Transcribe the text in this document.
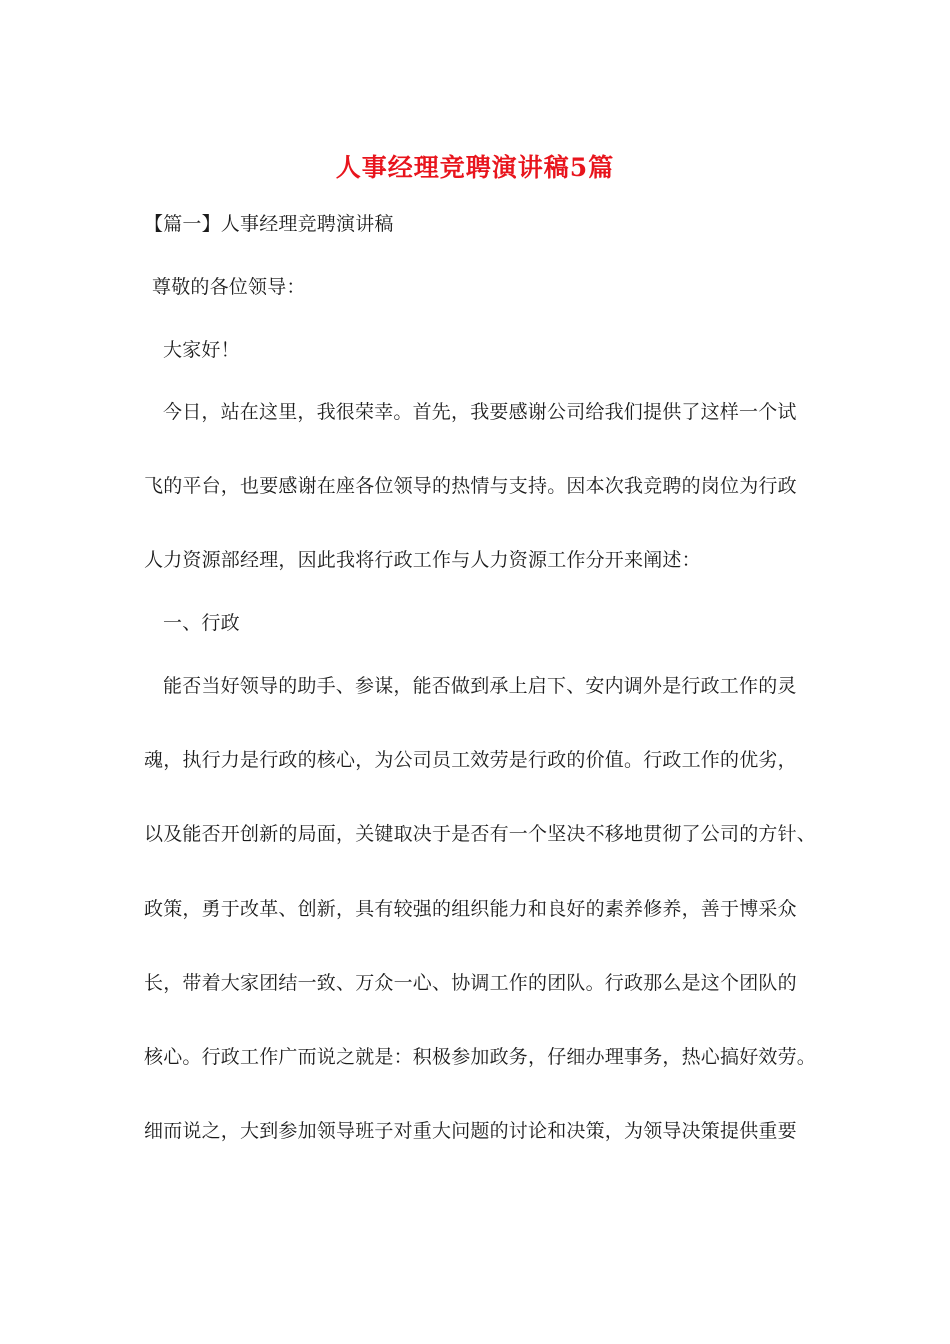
人事经理竞聘演讲稿5篇
【篇一】人事经理竞聘演讲稿
尊敬的各位领导：
大家好！
今日，站在这里，我很荣幸。首先，我要感谢公司给我们提供了这样一个试
飞的平台，也要感谢在座各位领导的热情与支持。因本次我竞聘的岗位为行政
人力资源部经理，因此我将行政工作与人力资源工作分开来阐述：
一、行政
能否当好领导的助手、参谋，能否做到承上启下、安内调外是行政工作的灵
魂，执行力是行政的核心，为公司员工效劳是行政的价值。行政工作的优劣，
以及能否开创新的局面，关键取决于是否有一个坚决不移地贯彻了公司的方针、
政策，勇于改革、创新，具有较强的组织能力和良好的素养修养，善于博采众
长，带着大家团结一致、万众一心、协调工作的团队。行政那么是这个团队的
核心。行政工作广而说之就是：积极参加政务，仔细办理事务，热心搞好效劳。
细而说之，大到参加领导班子对重大问题的讨论和决策，为领导决策提供重要
